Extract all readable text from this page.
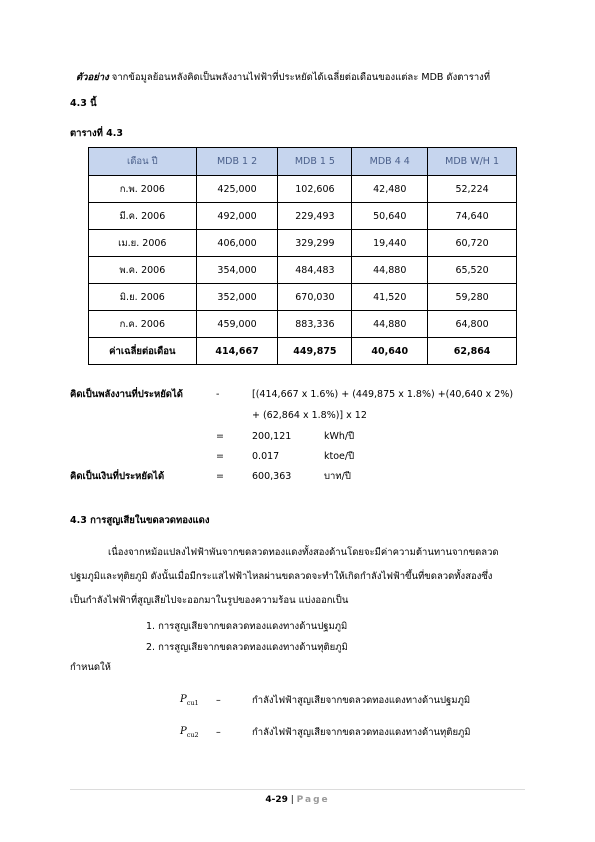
ตัวอย่าง จากข้อมูลย้อนหลังคิดเป็นพลังงานไฟฟ้าที่ประหยัดได้เฉลี่ยต่อเดือนของแต่ละ MDB ดังตารางที่
4.3 นี้
ตารางที่ 4.3
เดือน ปี	MDB 1 2	MDB 1 5	MDB 4 4	MDB W/H 1
ก.พ. 2006	425,000	102,606	42,480	52,224
มี.ค. 2006	492,000	229,493	50,640	74,640
เม.ย. 2006	406,000	329,299	19,440	60,720
พ.ค. 2006	354,000	484,483	44,880	65,520
มิ.ย. 2006	352,000	670,030	41,520	59,280
ก.ค. 2006	459,000	883,336	44,880	64,800
ค่าเฉลี่ยต่อเดือน	414,667	449,875	40,640	62,864
คิดเป็นพลังงานที่ประหยัดได้	-	[(414,667 x 1.6%) + (449,875 x 1.8%) +(40,640 x 2%)
+ (62,864 x 1.8%)] x 12
=	200,121	kWh/ปี
=	0.017	ktoe/ปี
คิดเป็นเงินที่ประหยัดได้	=	600,363	บาท/ปี
4.3 การสูญเสียในขดลวดทองแดง
เนื่องจากหม้อแปลงไฟฟ้าพันจากขดลวดทองแดงทั้งสองด้านโดยจะมีค่าความต้านทานจากขดลวด
ปฐมภูมิและทุติยภูมิ ดังนั้นเมื่อมีกระแสไฟฟ้าไหลผ่านขดลวดจะทำให้เกิดกำลังไฟฟ้าขึ้นที่ขดลวดทั้งสองซึ่ง
เป็นกำลังไฟฟ้าที่สูญเสียไปจะออกมาในรูปของความร้อน แบ่งออกเป็น
1. การสูญเสียจากขดลวดทองแดงทางด้านปฐมภูมิ
2. การสูญเสียจากขดลวดทองแดงทางด้านทุติยภูมิ
กำหนดให้
$P_{cu1}$ –	กำลังไฟฟ้าสูญเสียจากขดลวดทองแดงทางด้านปฐมภูมิ
$P_{cu2}$ –	กำลังไฟฟ้าสูญเสียจากขดลวดทองแดงทางด้านทุติยภูมิ
4-29 | Page
